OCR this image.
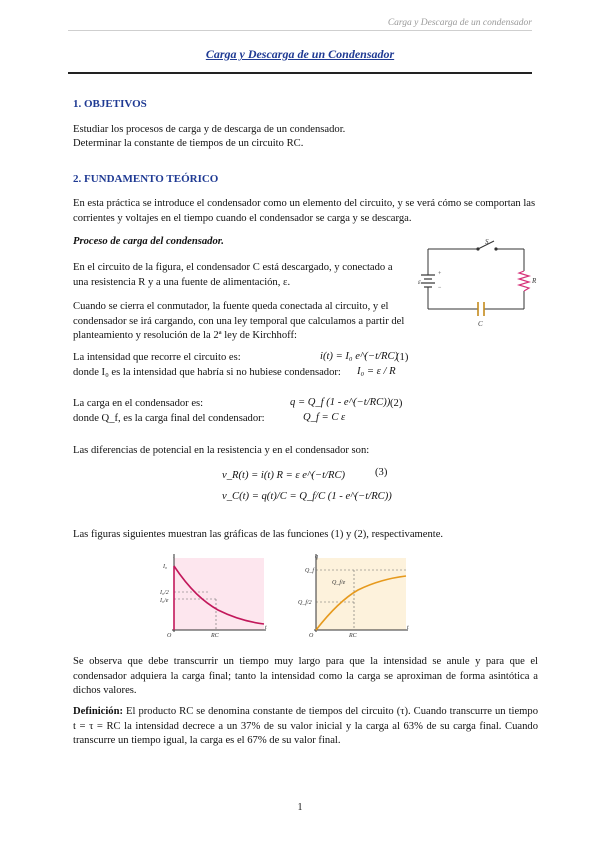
Carga y Descarga de un condensador
Carga y Descarga de un Condensador
1. OBJETIVOS
Estudiar los procesos de carga y de descarga de un condensador.
Determinar la constante de tiempos de un circuito RC.
2. FUNDAMENTO TEÓRICO
En esta práctica se introduce el condensador como un elemento del circuito, y se verá cómo se comportan las corrientes y voltajes en el tiempo cuando el condensador se carga y se descarga.
Proceso de carga del condensador.
En el circuito de la figura, el condensador C está descargado, y conectado a una resistencia R y a una fuente de alimentación, ε.
Cuando se cierra el conmutador, la fuente queda conectada al circuito, y el condensador se irá cargando, con una ley temporal que calculamos a partir del planteamiento y resolución de la 2ª ley de Kirchhoff:
+
−
S
ε	R
C
La intensidad que recorre el circuito es:	i(t) = I₀ e^(−t/RC)
(1)
donde I₀ es la intensidad que habría si no hubiese condensador: I₀ = ε / R
La carga en el condensador es:	q = Q_f (1 - e^(−t/RC)) (2)
donde Q_f, es la carga final del condensador:	Q_f = C ε
Las diferencias de potencial en la resistencia y en el condensador son:
v_R(t) = i(t) R = ε e^(−t/RC)	(3)
v_C(t) = q(t)/C = Q_f/C (1 - e^(−t/RC))
Las figuras siguientes muestran las gráficas de las funciones (1) y (2), respectivamente.
i
t
O
I₀
I₀/2
I₀/e
RC
q
t
O
Q_f
Q_f/e
Q_f/2
RC
Se observa que debe transcurrir un tiempo muy largo para que la intensidad se anule y para que el condensador adquiera la carga final; tanto la intensidad como la carga se aproximan de forma asintótica a dichos valores.
Definición: El producto RC se denomina constante de tiempos del circuito (τ). Cuando transcurre un tiempo t = τ = RC la intensidad decrece a un 37% de su valor inicial y la carga al 63% de su carga final. Cuando transcurre un tiempo igual, la carga es el 67% de su valor final.
1
